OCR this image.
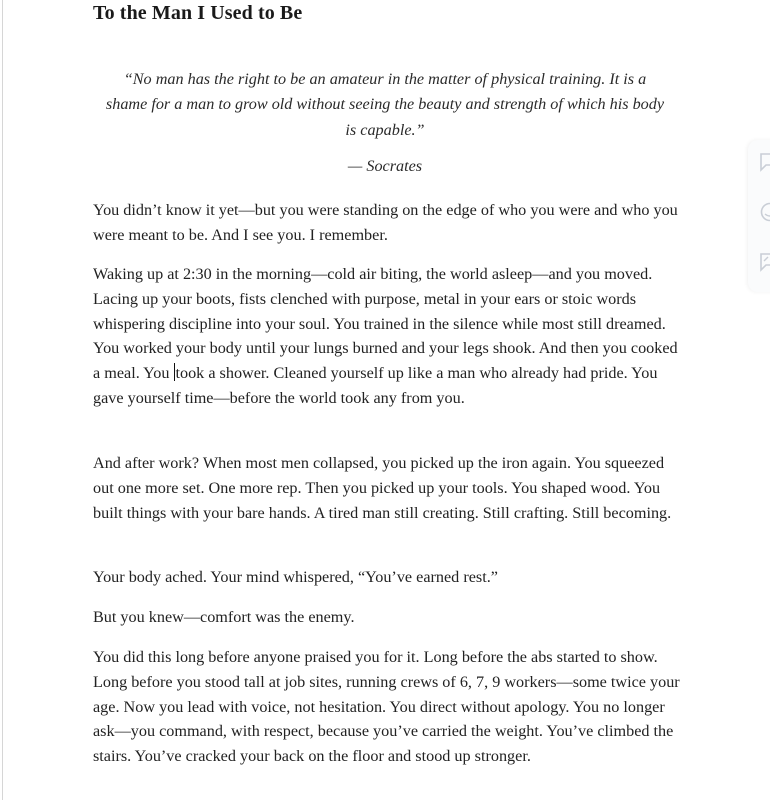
To the Man I Used to Be

“No man has the right to be an amateur in the matter of physical training. It is a shame for a man to grow old without seeing the beauty and strength of which his body is capable.”

— Socrates

You didn’t know it yet—but you were standing on the edge of who you were and who you were meant to be. And I see you. I remember.

Waking up at 2:30 in the morning—cold air biting, the world asleep—and you moved. Lacing up your boots, fists clenched with purpose, metal in your ears or stoic words whispering discipline into your soul. You trained in the silence while most still dreamed. You worked your body until your lungs burned and your legs shook. And then you cooked a meal. You took a shower. Cleaned yourself up like a man who already had pride. You gave yourself time—before the world took any from you.

And after work? When most men collapsed, you picked up the iron again. You squeezed out one more set. One more rep. Then you picked up your tools. You shaped wood. You built things with your bare hands. A tired man still creating. Still crafting. Still becoming.

Your body ached. Your mind whispered, “You’ve earned rest.”

But you knew—comfort was the enemy.

You did this long before anyone praised you for it. Long before the abs started to show. Long before you stood tall at job sites, running crews of 6, 7, 9 workers—some twice your age. Now you lead with voice, not hesitation. You direct without apology. You no longer ask—you command, with respect, because you’ve carried the weight. You’ve climbed the stairs. You’ve cracked your back on the floor and stood up stronger.
